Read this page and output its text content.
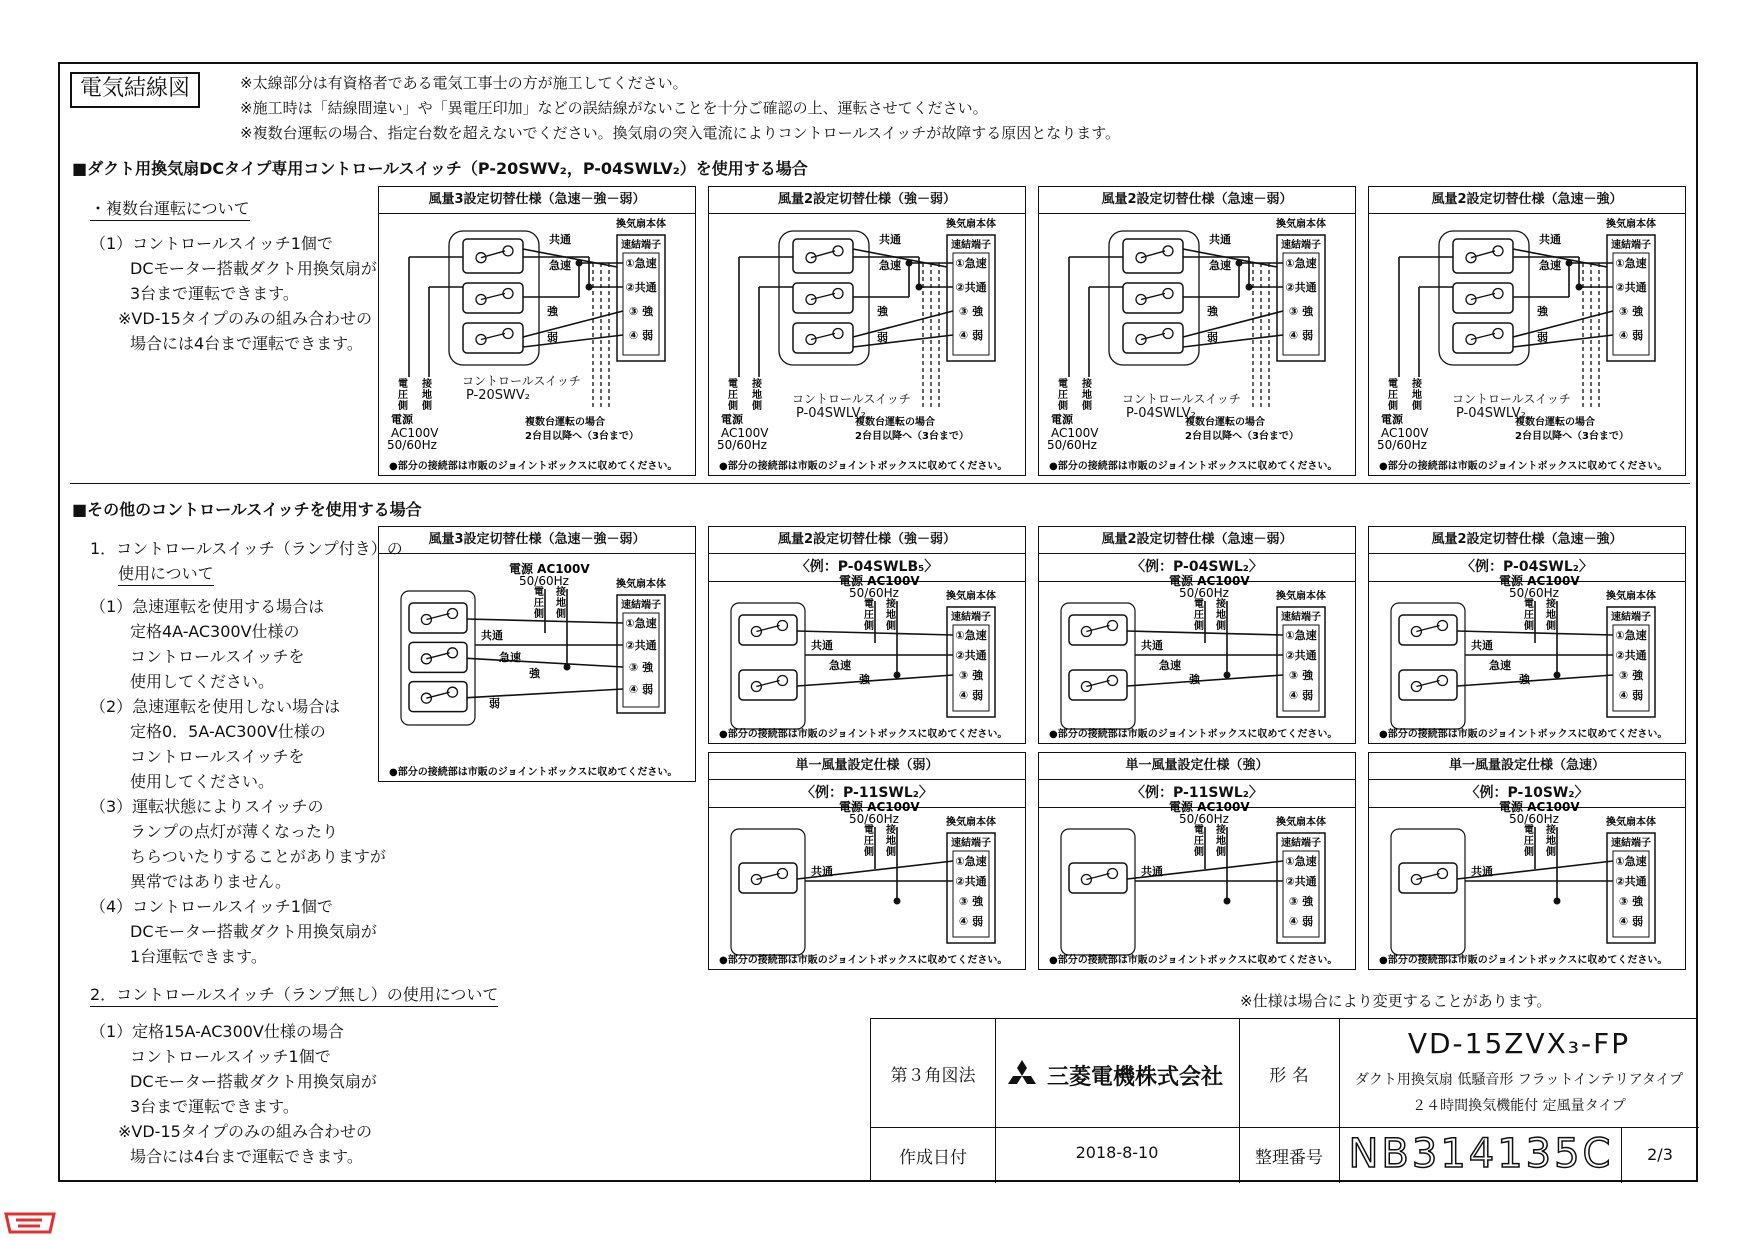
電気結線図	※太線部分は有資格者である電気工事士の方が施工してください。
※施工時は「結線間違い」や「異電圧印加」などの誤結線がないことを十分ご確認の上、運転させてください。
※複数台運転の場合、指定台数を超えないでください。換気扇の突入電流によりコントロールスイッチが故障する原因となります。
■ダクト用換気扇DCタイプ専用コントロールスイッチ（P-20SWV₂，P-04SWLV₂）を使用する場合
・複数台運転について
（1）コントロールスイッチ1個で
DCモーター搭載ダクト用換気扇が
3台まで運転できます。
※VD-15タイプのみの組み合わせの
場合には4台まで運転できます。
風量3設定切替仕様（急速－強－弱）
換気扇本体
速結端子
①急速
②共通
③ 強
④ 弱
共通
急速
強
弱
電
圧
側
接
地
側
電源
AC100V
50/60Hz
複数台運転の場合
2台目以降へ（3台まで）
●部分の接続部は市販のジョイントボックスに収めてください。
風量2設定切替仕様（強－弱）
換気扇本体
速結端子
①急速
②共通
③ 強
④ 弱
共通
急速
強
弱
電
圧
側
接
地
側
電源
AC100V
50/60Hz
複数台運転の場合
2台目以降へ（3台まで）
●部分の接続部は市販のジョイントボックスに収めてください。
風量2設定切替仕様（急速－弱）
換気扇本体
速結端子
①急速
②共通
③ 強
④ 弱
共通
急速
強
弱
電
圧
側
接
地
側
電源
AC100V
50/60Hz
複数台運転の場合
2台目以降へ（3台まで）
●部分の接続部は市販のジョイントボックスに収めてください。
風量2設定切替仕様（急速－強）
換気扇本体
速結端子
①急速
②共通
③ 強
④ 弱
共通
急速
強
弱
電
圧
側
接
地
側
電源
AC100V
50/60Hz
複数台運転の場合
2台目以降へ（3台まで）
●部分の接続部は市販のジョイントボックスに収めてください。
コントロールスイッチ
P-20SWV₂	コントロールスイッチ
P-04SWLV₂
コントロールスイッチ
P-04SWLV₂
コントロールスイッチ
P-04SWLV₂
■その他のコントロールスイッチを使用する場合
1．コントロールスイッチ（ランプ付き）の
使用について
（1）急速運転を使用する場合は
定格4A-AC300V仕様の
コントロールスイッチを
使用してください。
（2）急速運転を使用しない場合は
定格0．5A-AC300V仕様の
コントロールスイッチを
使用してください。
（3）運転状態によりスイッチの
ランプの点灯が薄くなったり
ちらついたりすることがありますが
異常ではありません。
（4）コントロールスイッチ1個で
DCモーター搭載ダクト用換気扇が
1台運転できます。
2．コントロールスイッチ（ランプ無し）の使用について
（1）定格15A-AC300V仕様の場合
コントロールスイッチ1個で
DCモーター搭載ダクト用換気扇が
3台まで運転できます。
※VD-15タイプのみの組み合わせの
場合には4台まで運転できます。
風量3設定切替仕様（急速－強－弱）
換気扇本体
速結端子
①急速
②共通
③ 強
④ 弱
電源 AC100V
50/60Hz
電
圧
側
接
地
側
共通
急速
強
弱
●部分の接続部は市販のジョイントボックスに収めてください。
風量2設定切替仕様（強－弱）
〈例：P-04SWLB₅〉
換気扇本体
速結端子
①急速
②共通
③ 強
④ 弱
電源 AC100V
50/60Hz
電
圧
側
接
地
側
共通
急速
強
●部分の接続部は市販のジョイントボックスに収めてください。
風量2設定切替仕様（急速－弱）
〈例：P-04SWL₂〉
換気扇本体
速結端子
①急速
②共通
③ 強
④ 弱
電源 AC100V
50/60Hz
電
圧
側
接
地
側
共通
急速
強
●部分の接続部は市販のジョイントボックスに収めてください。
風量2設定切替仕様（急速－強）
〈例：P-04SWL₂〉
換気扇本体
速結端子
①急速
②共通
③ 強
④ 弱
電源 AC100V
50/60Hz
電
圧
側
接
地
側
共通
急速
強
●部分の接続部は市販のジョイントボックスに収めてください。
単一風量設定仕様（弱）
〈例：P-11SWL₂〉
換気扇本体
速結端子
①急速
②共通
③ 強
④ 弱
電源 AC100V
50/60Hz
電
圧
側
接
地
側
共通
●部分の接続部は市販のジョイントボックスに収めてください。
単一風量設定仕様（強）
〈例：P-11SWL₂〉
換気扇本体
速結端子
①急速
②共通
③ 強
④ 弱
電源 AC100V
50/60Hz
電
圧
側
接
地
側
共通
●部分の接続部は市販のジョイントボックスに収めてください。
単一風量設定仕様（急速）
〈例：P-10SW₂〉
換気扇本体
速結端子
①急速
②共通
③ 強
④ 弱
電源 AC100V
50/60Hz
電
圧
側
接
地
側
共通
●部分の接続部は市販のジョイントボックスに収めてください。
※仕様は場合により変更することがあります。
第３角図法	三菱電機株式会社	形 名
VD-15ZVX₃-FP
ダクト用換気扇 低騒音形 フラットインテリアタイプ
２４時間換気機能付 定風量タイプ
作成日付	2018-8-10	整理番号 NB314135C	2/3
